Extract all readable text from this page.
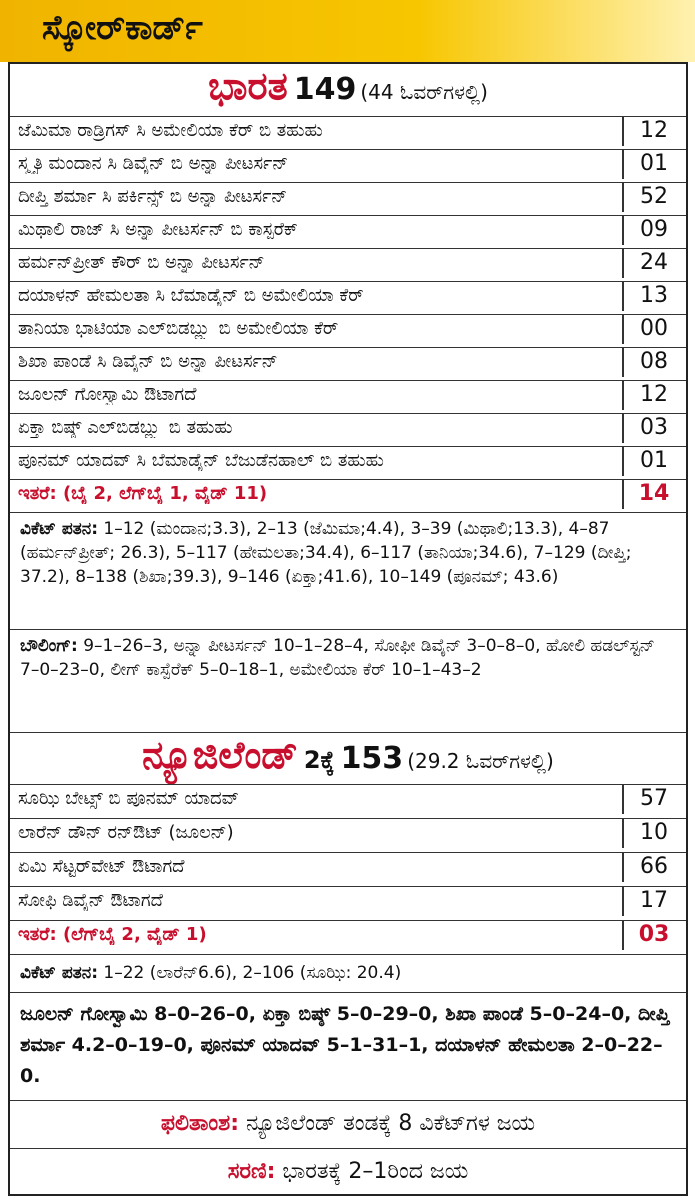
ಸ್ಕೋರ್‌ಕಾರ್ಡ್
ಭಾರತ 149 (44 ಓವರ್‌ಗಳಲ್ಲಿ)
ಜೆಮಿಮಾ ರಾಡ್ರಿಗಸ್ ಸಿ ಅಮೇಲಿಯಾ ಕೆರ್ ಬಿ ತಹುಹು	12
ಸ್ಮೃತಿ ಮಂದಾನ ಸಿ ಡಿವೈನ್ ಬಿ ಅನ್ನಾ ಪೀಟರ್ಸನ್	01
ದೀಪ್ತಿ ಶರ್ಮಾ ಸಿ ಪರ್ಕಿನ್ಸ್ ಬಿ ಅನ್ನಾ ಪೀಟರ್ಸನ್	52
ಮಿಥಾಲಿ ರಾಜ್ ಸಿ ಅನ್ನಾ ಪೀಟರ್ಸನ್ ಬಿ ಕಾಸ್ಪರೆಕ್	09
ಹರ್ಮನ್‌ಪ್ರೀತ್ ಕೌರ್ ಬಿ ಅನ್ನಾ ಪೀಟರ್ಸನ್	24
ದಯಾಳನ್ ಹೇಮಲತಾ ಸಿ ಬೆಮಾಡೈನ್ ಬಿ ಅಮೇಲಿಯಾ ಕೆರ್	13
ತಾನಿಯಾ ಭಾಟಿಯಾ ಎಲ್‌ಬಿಡಬ್ಲ್ಯು ಬಿ ಅಮೇಲಿಯಾ ಕೆರ್	00
ಶಿಖಾ ಪಾಂಡೆ ಸಿ ಡಿವೈನ್ ಬಿ ಅನ್ನಾ ಪೀಟರ್ಸನ್	08
ಜೂಲನ್ ಗೋಸ್ವಾಮಿ ಔಟಾಗದೆ	12
ಏಕ್ತಾ ಬಿಷ್ಠ್ ಎಲ್‌ಬಿಡಬ್ಲ್ಯು ಬಿ ತಹುಹು	03
ಪೂನಮ್ ಯಾದವ್ ಸಿ ಬೆಮಾಡೈನ್ ಬೆಜುಡೆನಹಾಲ್ ಬಿ ತಹುಹು	01
ಇತರೆ: (ಬೈ 2, ಲೆಗ್‌ಬೈ 1, ವೈಡ್ 11)	14
ವಿಕೆಟ್ ಪತನ: 1–12 (ಮಂದಾನ;3.3), 2–13 (ಜೆಮಿಮಾ;4.4), 3–39 (ಮಿಥಾಲಿ;13.3), 4–87 (ಹರ್ಮನ್‌ಪ್ರೀತ್; 26.3), 5–117 (ಹೇಮಲತಾ;34.4), 6–117 (ತಾನಿಯಾ;34.6), 7–129 (ದೀಪ್ತಿ; 37.2), 8–138 (ಶಿಖಾ;39.3), 9–146 (ಏಕ್ತಾ;41.6), 10–149 (ಪೂನಮ್; 43.6)
ಬೌಲಿಂಗ್: 9–1–26–3, ಅನ್ನಾ ಪೀಟರ್ಸನ್ 10–1–28–4, ಸೋಫೀ ಡಿವೈನ್ 3–0–8–0, ಹೋಲಿ ಹಡಲ್‌ಸ್ಟನ್ 7–0–23–0, ಲೀಗ್ ಕಾಸ್ಪೆರೆಕ್ 5–0–18–1, ಅಮೇಲಿಯಾ ಕೆರ್ 10–1–43–2
ನ್ಯೂಜಿಲೆಂಡ್ 2ಕ್ಕೆ 153 (29.2 ಓವರ್‌ಗಳಲ್ಲಿ)
ಸೂಝಿ ಬೇಟ್ಸ್ ಬಿ ಪೂನಮ್ ಯಾದವ್	57
ಲಾರೆನ್ ಡೌನ್ ರನ್‌ಔಟ್ (ಜೂಲನ್)	10
ಏಮಿ ಸೆಟ್ಟರ್‌ವೇಟ್ ಔಟಾಗದೆ	66
ಸೋಫಿ ಡಿವೈನ್ ಔಟಾಗದೆ	17
ಇತರೆ: (ಲೆಗ್‌ಬೈ 2, ವೈಡ್ 1)	03
ವಿಕೆಟ್ ಪತನ: 1–22 (ಲಾರೆನ್‌6.6), 2–106 (ಸೂಝಿ: 20.4)
ಜೂಲನ್ ಗೋಸ್ವಾಮಿ 8–0–26–0, ಏಕ್ತಾ ಬಿಷ್ಠ್ 5–0–29–0, ಶಿಖಾ ಪಾಂಡೆ 5–0–24–0, ದೀಪ್ತಿ ಶರ್ಮಾ 4.2–0–19–0, ಪೂನಮ್ ಯಾದವ್ 5–1–31–1, ದಯಾಳನ್ ಹೇಮಲತಾ 2–0–22–0.
ಫಲಿತಾಂಶ: ನ್ಯೂಜಿಲೆಂಡ್ ತಂಡಕ್ಕೆ 8 ವಿಕೆಟ್‌ಗಳ ಜಯ
ಸರಣಿ: ಭಾರತಕ್ಕೆ 2–1ರಿಂದ ಜಯ
